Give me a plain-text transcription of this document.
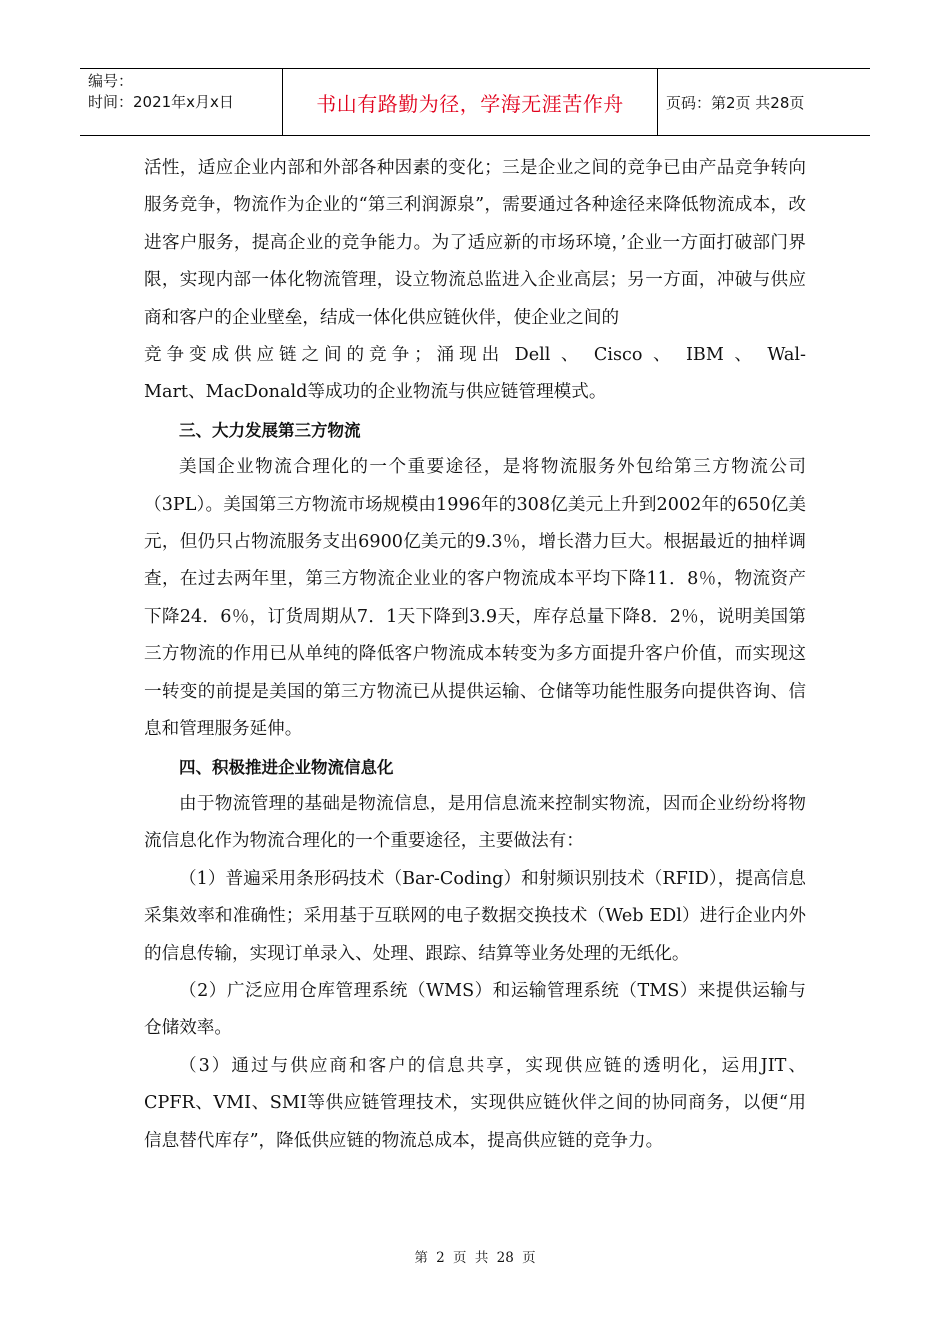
编号：
时间：2021年x月x日	书山有路勤为径，学海无涯苦作舟	页码：第2页 共28页

活性，适应企业内部和外部各种因素的变化；三是企业之间的竞争已由产品竞争转向服务竞争，物流作为企业的“第三利润源泉”，需要通过各种途径来降低物流成本，改进客户服务，提高企业的竞争能力。为了适应新的市场环境，’企业一方面打破部门界限，实现内部一体化物流管理，设立物流总监进入企业高层；另一方面，冲破与供应商和客户的企业壁垒，结成一体化供应链伙伴，使企业之间的

竞争变成供应链之间的竞争；涌现出 Dell 、 Cisco 、 IBM 、 Wal-

Mart、MacDonald等成功的企业物流与供应链管理模式。

三、大力发展第三方物流

美国企业物流合理化的一个重要途径，是将物流服务外包给第三方物流公司（3PL）。美国第三方物流市场规模由1996年的308亿美元上升到2002年的650亿美元，但仍只占物流服务支出6900亿美元的9.3％，增长潜力巨大。根据最近的抽样调查，在过去两年里，第三方物流企业业的客户物流成本平均下降11．8％，物流资产下降24．6％，订货周期从7．1天下降到3.9天，库存总量下降8．2％，说明美国第三方物流的作用已从单纯的降低客户物流成本转变为多方面提升客户价值，而实现这一转变的前提是美国的第三方物流已从提供运输、仓储等功能性服务向提供咨询、信息和管理服务延伸。

四、积极推进企业物流信息化

由于物流管理的基础是物流信息，是用信息流来控制实物流，因而企业纷纷将物流信息化作为物流合理化的一个重要途径，主要做法有：

（1）普遍采用条形码技术（Bar-Coding）和射频识别技术（RFID），提高信息采集效率和准确性；采用基于互联网的电子数据交换技术（Web EDl）进行企业内外的信息传输，实现订单录入、处理、跟踪、结算等业务处理的无纸化。

（2）广泛应用仓库管理系统（WMS）和运输管理系统（TMS）来提供运输与仓储效率。

（3）通过与供应商和客户的信息共享，实现供应链的透明化，运用JIT、CPFR、VMI、SMI等供应链管理技术，实现供应链伙伴之间的协同商务，以便“用信息替代库存”，降低供应链的物流总成本，提高供应链的竞争力。

第 2 页 共 28 页
